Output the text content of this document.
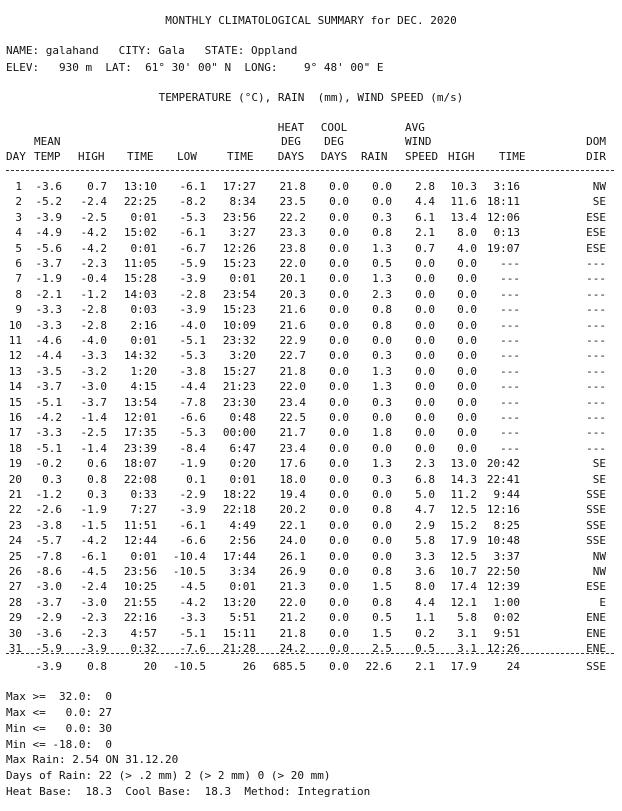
MONTHLY CLIMATOLOGICAL SUMMARY for DEC. 2020
NAME: galahand   CITY: Gala   STATE: Oppland
ELEV:   930 m  LAT:  61° 30' 00" N  LONG:    9° 48' 00" E
TEMPERATURE (°C), RAIN  (mm), WIND SPEED (m/s)
HEAT	COOL	AVG
MEAN	DEG	DEG	WIND	DOM
DAY TEMP HIGH TIME LOW	TIME	DAYS	DAYS	RAIN SPEED HIGH TIME	DIR
1	-3.6	0.7	13:10	-6.1	17:27	21.8	0.0	0.0	2.8	10.3	3:16	NW
2	-5.2	-2.4	22:25	-8.2	8:34	23.5	0.0	0.0	4.4	11.6 18:11	SE
3	-3.9	-2.5	0:01	-5.3	23:56	22.2	0.0	0.3	6.1	13.4 12:06	ESE
4	-4.9	-4.2	15:02	-6.1	3:27	23.3	0.0	0.8	2.1	8.0	0:13	ESE
5	-5.6	-4.2	0:01	-6.7	12:26	23.8	0.0	1.3	0.7	4.0 19:07	ESE
6	-3.7	-2.3	11:05	-5.9	15:23	22.0	0.0	0.5	0.0	0.0	---	---
7	-1.9	-0.4	15:28	-3.9	0:01	20.1	0.0	1.3	0.0	0.0	---	---
8	-2.1	-1.2	14:03	-2.8	23:54	20.3	0.0	2.3	0.0	0.0	---	---
9	-3.3	-2.8	0:03	-3.9	15:23	21.6	0.0	0.8	0.0	0.0	---	---
10	-3.3	-2.8	2:16	-4.0	10:09	21.6	0.0	0.8	0.0	0.0	---	---
11	-4.6	-4.0	0:01	-5.1	23:32	22.9	0.0	0.0	0.0	0.0	---	---
12	-4.4	-3.3	14:32	-5.3	3:20	22.7	0.0	0.3	0.0	0.0	---	---
13	-3.5	-3.2	1:20	-3.8	15:27	21.8	0.0	1.3	0.0	0.0	---	---
14	-3.7	-3.0	4:15	-4.4	21:23	22.0	0.0	1.3	0.0	0.0	---	---
15	-5.1	-3.7	13:54	-7.8	23:30	23.4	0.0	0.3	0.0	0.0	---	---
16	-4.2	-1.4	12:01	-6.6	0:48	22.5	0.0	0.0	0.0	0.0	---	---
17	-3.3	-2.5	17:35	-5.3	00:00	21.7	0.0	1.8	0.0	0.0	---	---
18	-5.1	-1.4	23:39	-8.4	6:47	23.4	0.0	0.0	0.0	0.0	---	---
19	-0.2	0.6	18:07	-1.9	0:20	17.6	0.0	1.3	2.3	13.0 20:42	SE
20	0.3	0.8	22:08	0.1	0:01	18.0	0.0	0.3	6.8	14.3 22:41	SE
21	-1.2	0.3	0:33	-2.9	18:22	19.4	0.0	0.0	5.0	11.2	9:44	SSE
22	-2.6	-1.9	7:27	-3.9	22:18	20.2	0.0	0.8	4.7	12.5 12:16	SSE
23	-3.8	-1.5	11:51	-6.1	4:49	22.1	0.0	0.0	2.9	15.2	8:25	SSE
24	-5.7	-4.2	12:44	-6.6	2:56	24.0	0.0	0.0	5.8	17.9 10:48	SSE
25	-7.8	-6.1	0:01	-10.4	17:44	26.1	0.0	0.0	3.3	12.5	3:37	NW
26	-8.6	-4.5	23:56	-10.5	3:34	26.9	0.0	0.8	3.6	10.7 22:50	NW
27	-3.0	-2.4	10:25	-4.5	0:01	21.3	0.0	1.5	8.0	17.4 12:39	ESE
28	-3.7	-3.0	21:55	-4.2	13:20	22.0	0.0	0.8	4.4	12.1	1:00	E
29	-2.9	-2.3	22:16	-3.3	5:51	21.2	0.0	0.5	1.1	5.8	0:02	ENE
30	-3.6	-2.3	4:57	-5.1	15:11	21.8	0.0	1.5	0.2	3.1	9:51	ENE
31	-5.9	-3.9	0:32	-7.6	21:28	24.2	0.0	2.5	0.5	3.1 12:26	ENE
-3.9	0.8	20	-10.5	26	685.5	0.0	22.6	2.1	17.9	24	SSE
Max >=  32.0:  0
Max <=   0.0: 27
Min <=   0.0: 30
Min <= -18.0:  0
Max Rain: 2.54 ON 31.12.20
Days of Rain: 22 (> .2 mm) 2 (> 2 mm) 0 (> 20 mm)
Heat Base:  18.3  Cool Base:  18.3  Method: Integration
